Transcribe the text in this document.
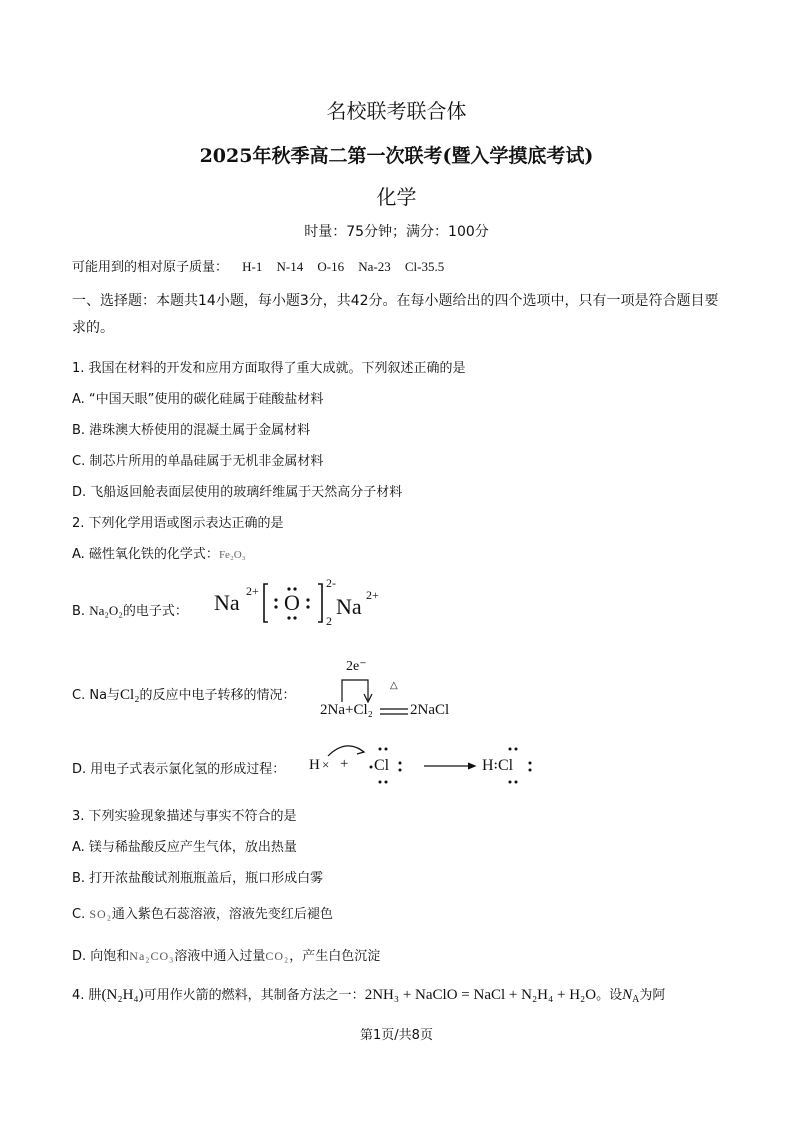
名校联考联合体
2025年秋季高二第一次联考(暨入学摸底考试)
化学
时量：75分钟；满分：100分
可能用到的相对原子质量： H-1 N-14 O-16 Na-23 Cl-35.5
一、选择题：本题共14小题，每小题3分，共42分。在每小题给出的四个选项中，只有一项是符合题目要求的。
1. 我国在材料的开发和应用方面取得了重大成就。下列叙述正确的是
A. “中国天眼”使用的碳化硅属于硅酸盐材料
B. 港珠澳大桥使用的混凝土属于金属材料
C. 制芯片所用的单晶硅属于无机非金属材料
D. 飞船返回舱表面层使用的玻璃纤维属于天然高分子材料
2. 下列化学用语或图示表达正确的是
A. 磁性氧化铁的化学式：Fe₂O₃
B. Na₂O₂的电子式： Na 2+ O
2-
2
Na 2+
C. Na与Cl₂的反应中电子转移的情况：
2e⁻
△
2Na+Cl₂ 2NaCl
D. 用电子式表示氯化氢的形成过程： H × + Cl	H꞉Cl
3. 下列实验现象描述与事实不符合的是
A. 镁与稀盐酸反应产生气体，放出热量
B. 打开浓盐酸试剂瓶瓶盖后，瓶口形成白雾
C. SO₂通入紫色石蕊溶液，溶液先变红后褪色
D. 向饱和Na₂CO₃溶液中通入过量CO₂，产生白色沉淀
4. 肼(N₂H₄)可用作火箭的燃料，其制备方法之一：2NH₃ + NaClO = NaCl + N₂H₄ + H₂O。设$N_A$为阿
第1页/共8页
